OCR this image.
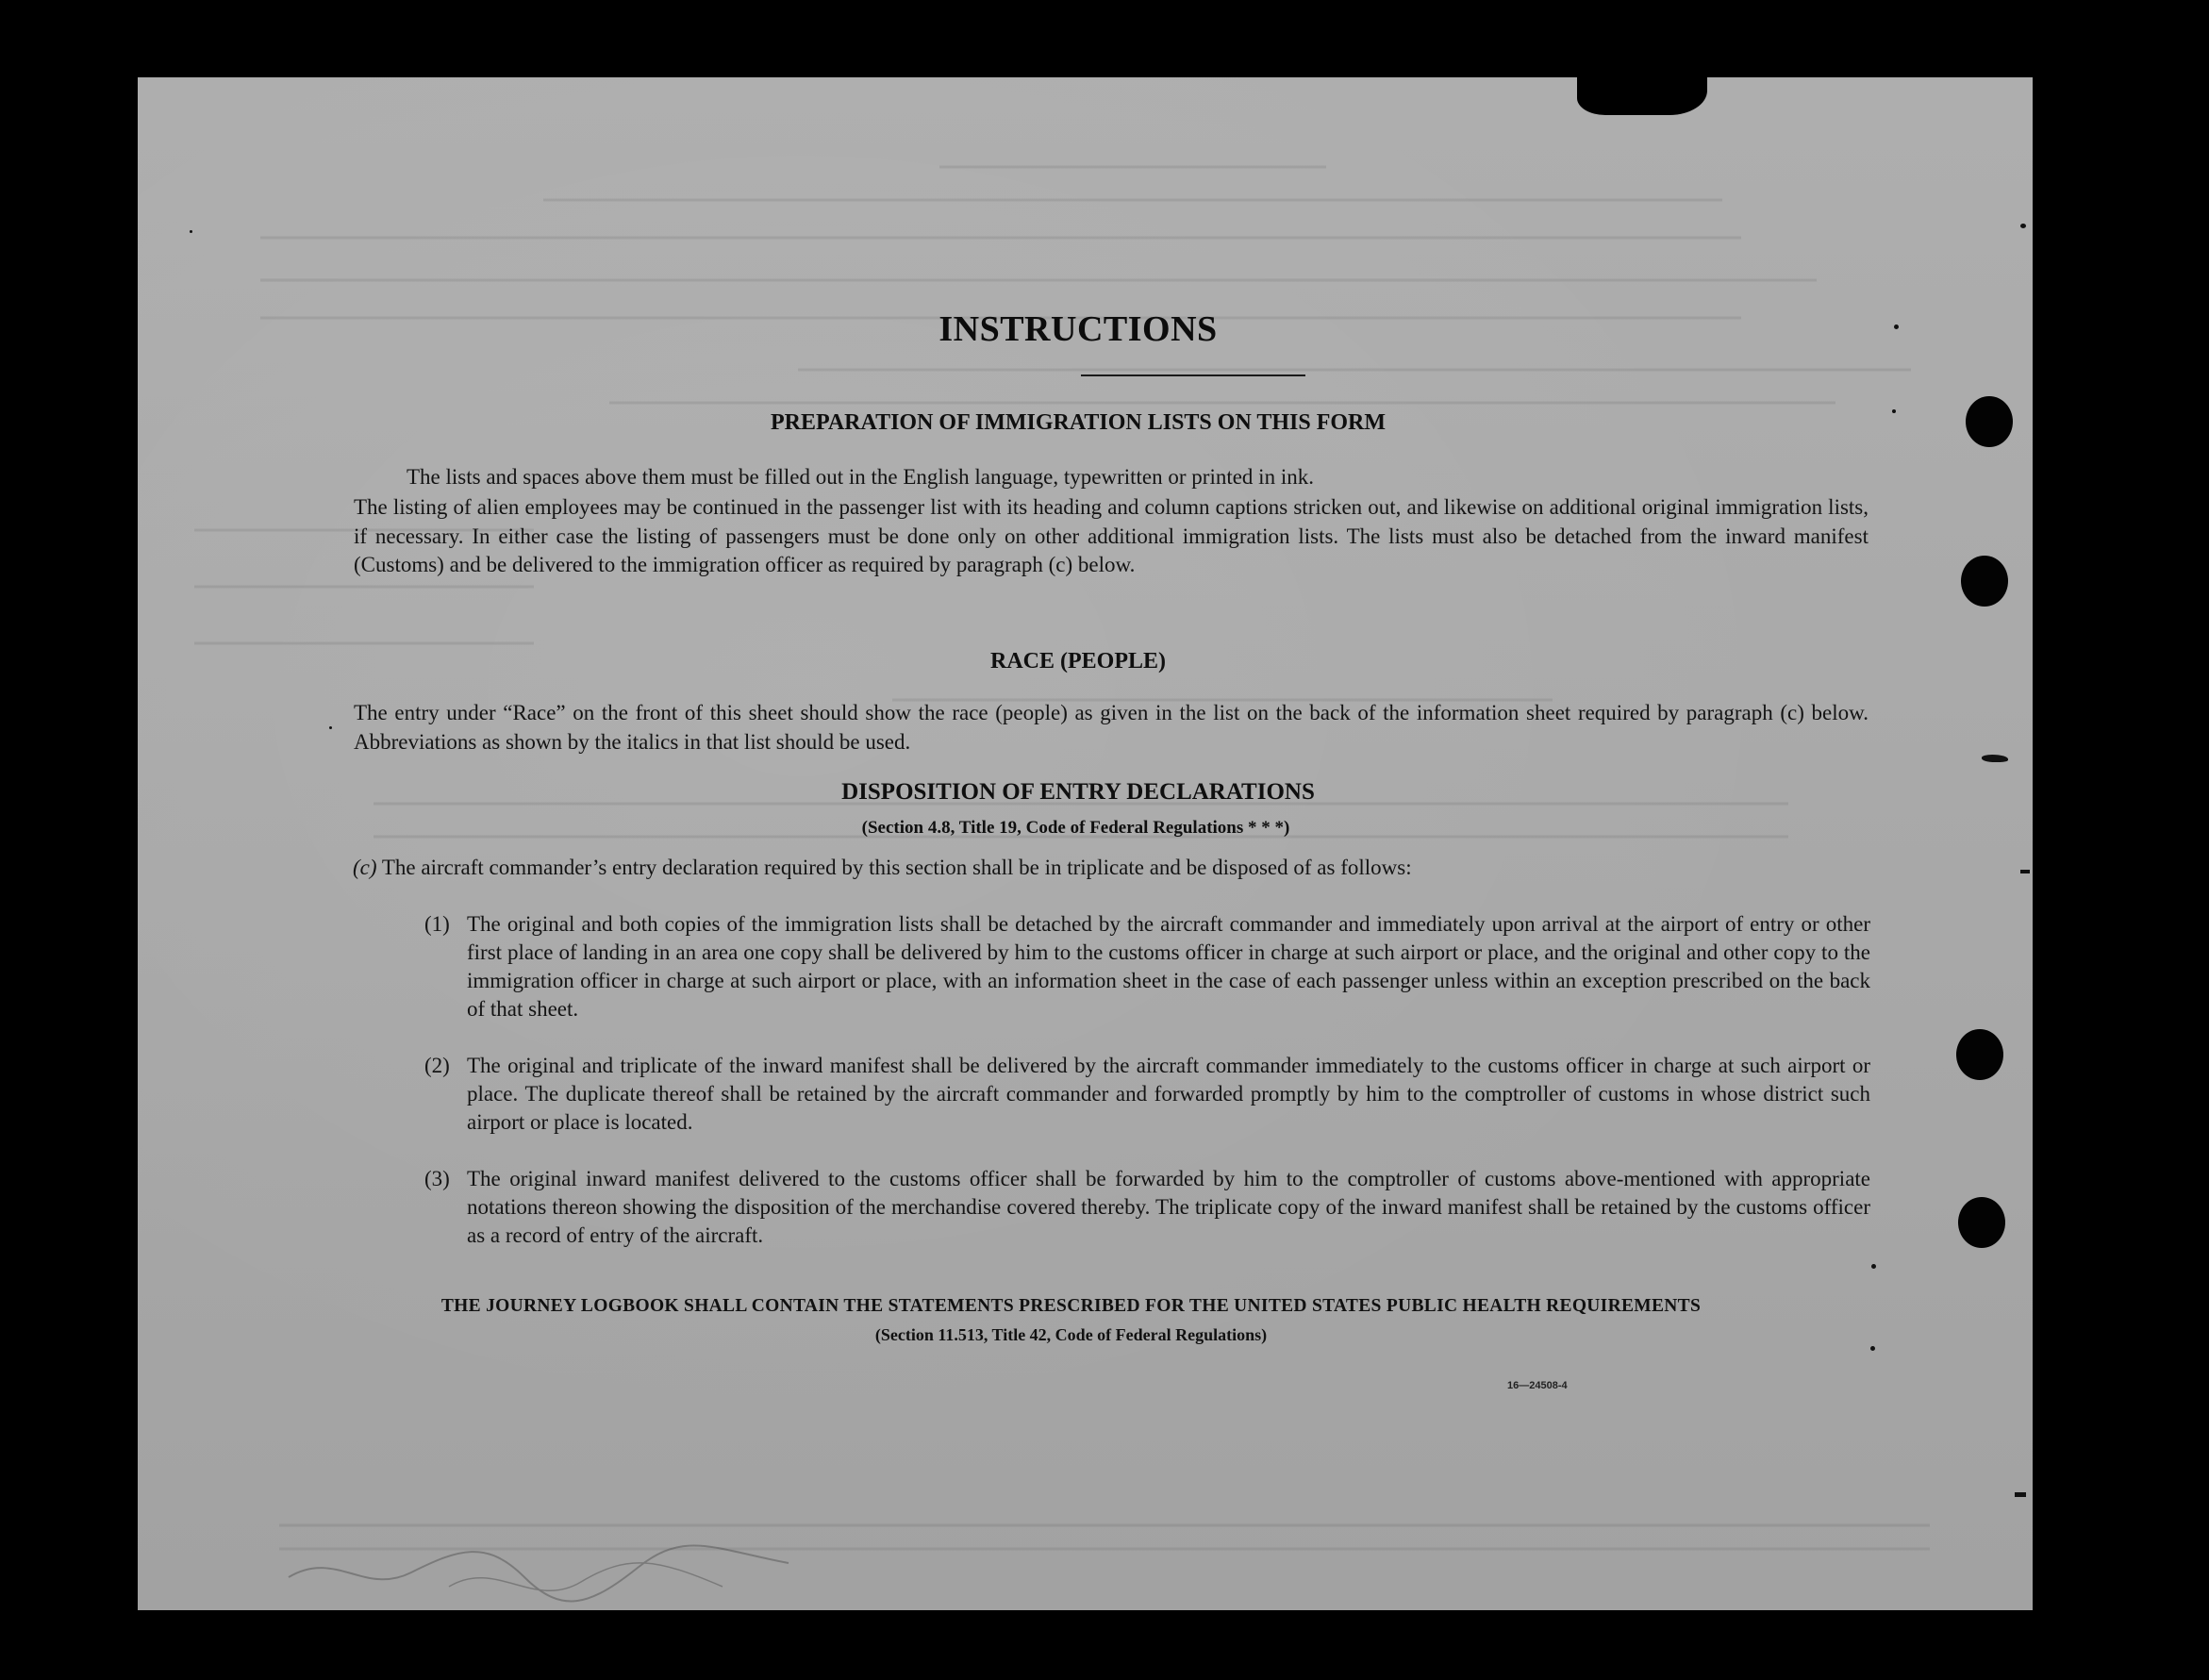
INSTRUCTIONS
PREPARATION OF IMMIGRATION LISTS ON THIS FORM
The lists and spaces above them must be filled out in the English language, typewritten or printed in ink.
The listing of alien employees may be continued in the passenger list with its heading and column captions stricken out, and likewise on additional original immigration lists, if necessary. In either case the listing of passengers must be done only on other additional immigration lists. The lists must also be detached from the inward manifest (Customs) and be delivered to the immigration officer as required by paragraph (c) below.
RACE (PEOPLE)
The entry under “Race” on the front of this sheet should show the race (people) as given in the list on the back of the information sheet required by paragraph (c) below. Abbreviations as shown by the italics in that list should be used.
DISPOSITION OF ENTRY DECLARATIONS
(Section 4.8, Title 19, Code of Federal Regulations * * *)
(c) The aircraft commander’s entry declaration required by this section shall be in triplicate and be disposed of as follows:
(1) The original and both copies of the immigration lists shall be detached by the aircraft commander and immediately upon arrival at the airport of entry or other first place of landing in an area one copy shall be delivered by him to the customs officer in charge at such airport or place, and the original and other copy to the immigration officer in charge at such airport or place, with an information sheet in the case of each passenger unless within an exception prescribed on the back of that sheet.
(2) The original and triplicate of the inward manifest shall be delivered by the aircraft commander immediately to the customs officer in charge at such airport or place. The duplicate thereof shall be retained by the aircraft commander and forwarded promptly by him to the comptroller of customs in whose district such airport or place is located.
(3) The original inward manifest delivered to the customs officer shall be forwarded by him to the comptroller of customs above-mentioned with appropriate notations thereon showing the disposition of the merchandise covered thereby. The triplicate copy of the inward manifest shall be retained by the customs officer as a record of entry of the aircraft.
THE JOURNEY LOGBOOK SHALL CONTAIN THE STATEMENTS PRESCRIBED FOR THE UNITED STATES PUBLIC HEALTH REQUIREMENTS
(Section 11.513, Title 42, Code of Federal Regulations)
16—24508-4
